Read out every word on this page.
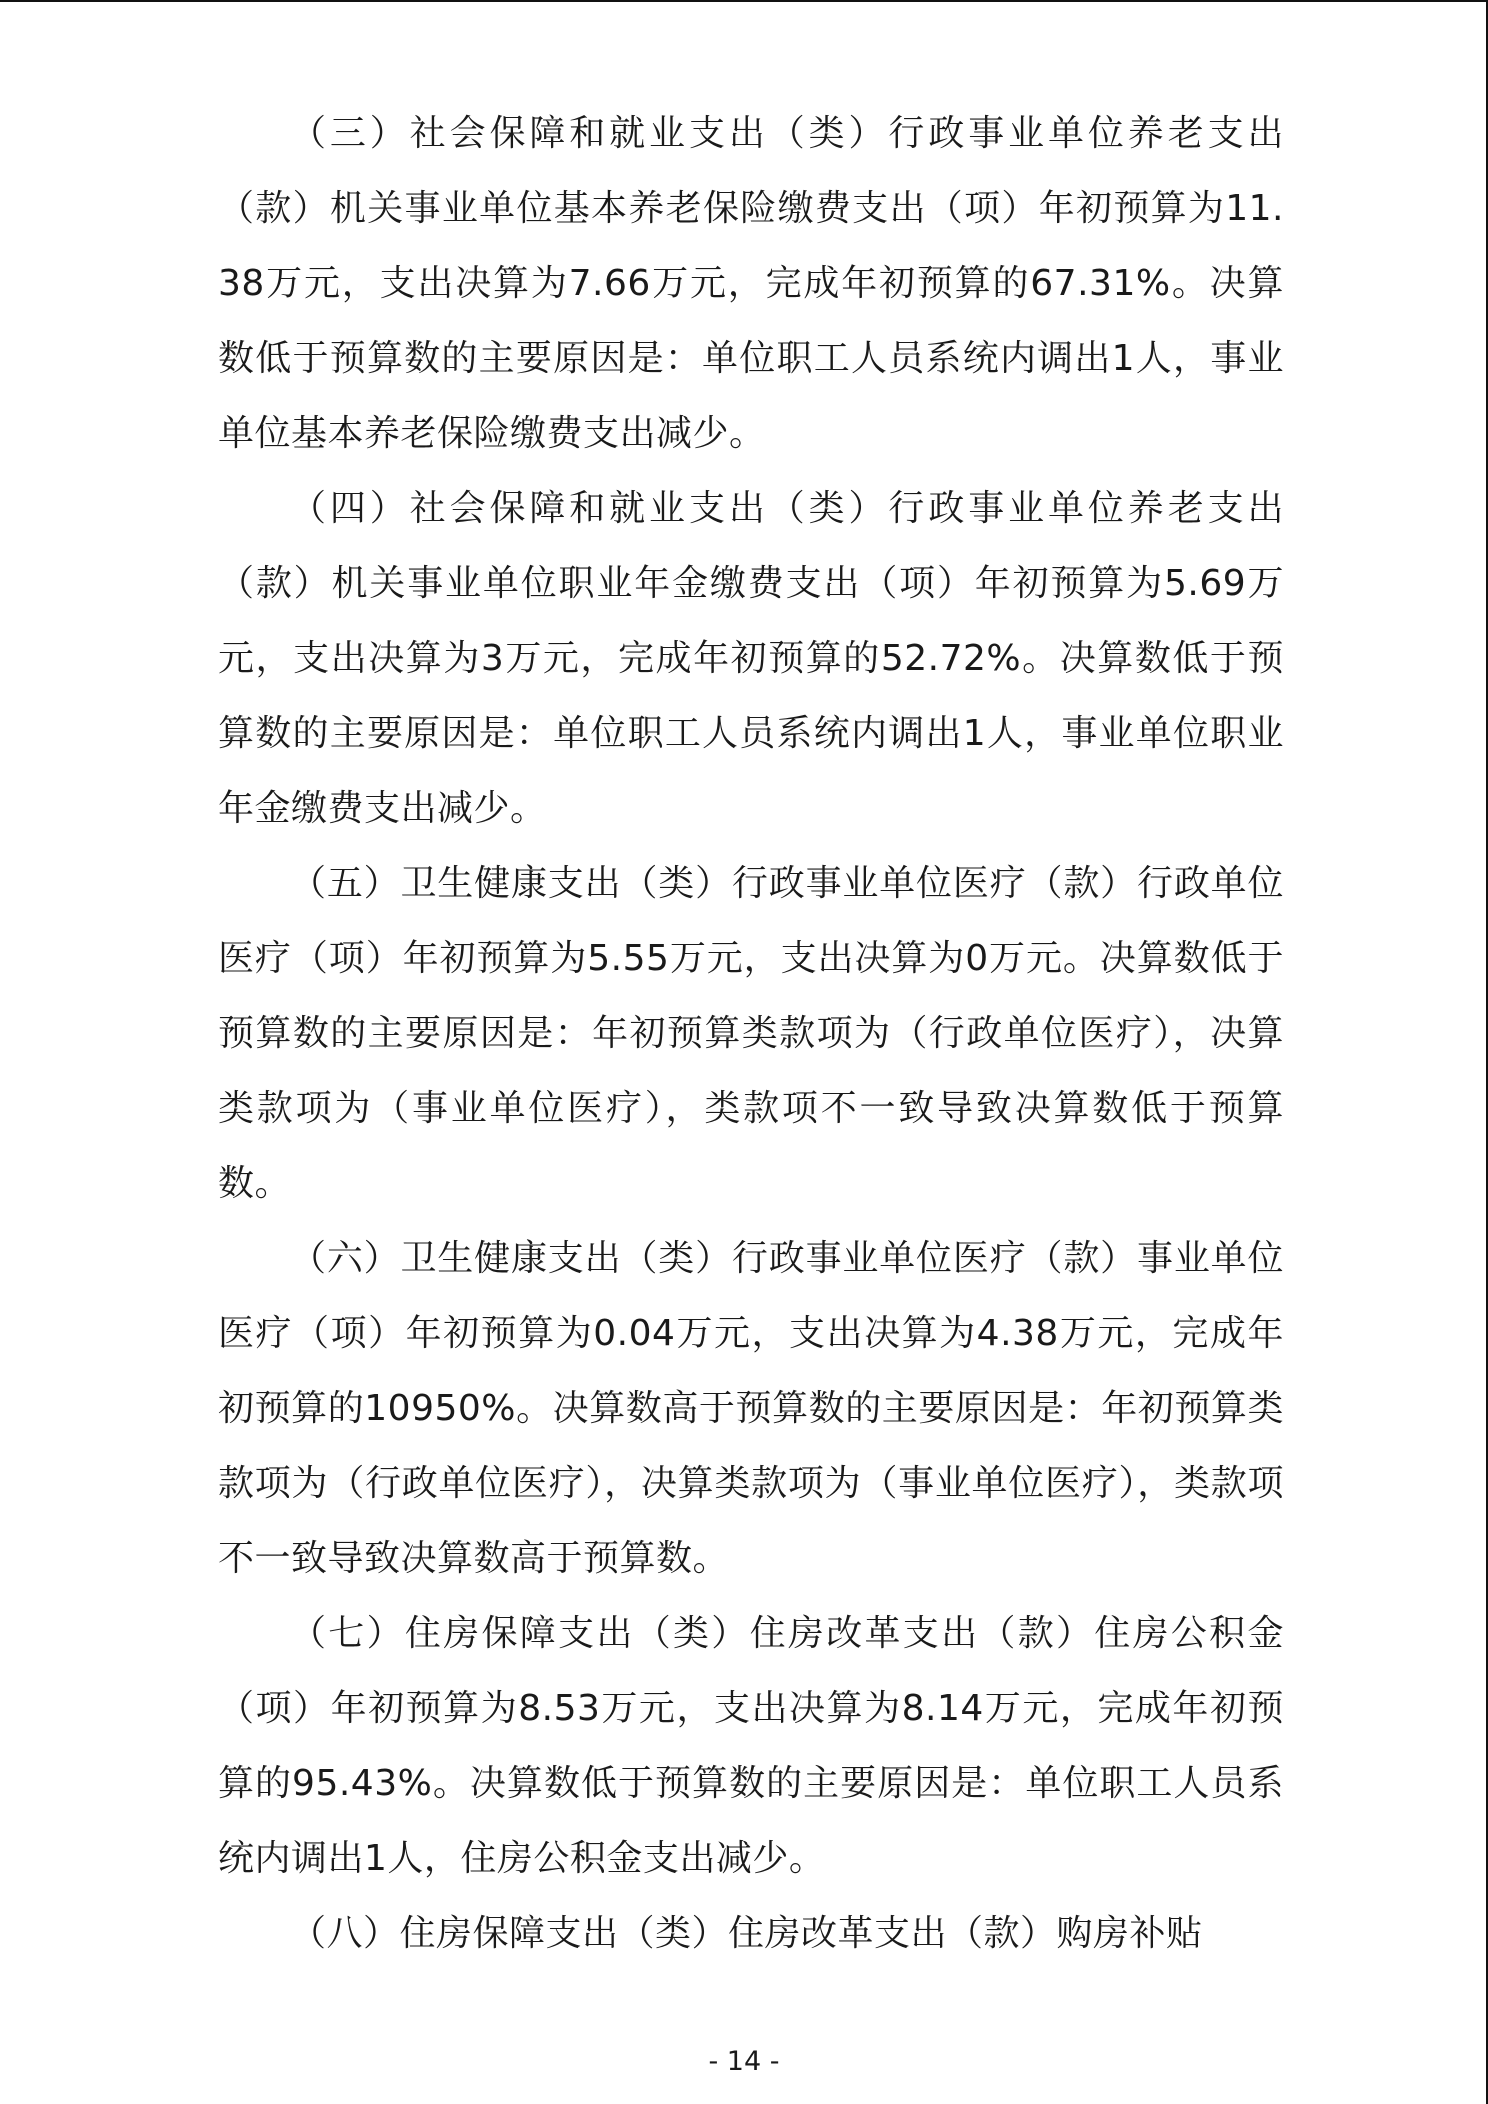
（三）社会保障和就业支出（类）行政事业单位养老支出（款）机关事业单位基本养老保险缴费支出（项）年初预算为11.38万元，支出决算为7.66万元，完成年初预算的67.31%。决算数低于预算数的主要原因是：单位职工人员系统内调出1人，事业单位基本养老保险缴费支出减少。

（四）社会保障和就业支出（类）行政事业单位养老支出（款）机关事业单位职业年金缴费支出（项）年初预算为5.69万元，支出决算为3万元，完成年初预算的52.72%。决算数低于预算数的主要原因是：单位职工人员系统内调出1人，事业单位职业年金缴费支出减少。

（五）卫生健康支出（类）行政事业单位医疗（款）行政单位医疗（项）年初预算为5.55万元，支出决算为0万元。决算数低于预算数的主要原因是：年初预算类款项为（行政单位医疗），决算类款项为（事业单位医疗），类款项不一致导致决算数低于预算数。

（六）卫生健康支出（类）行政事业单位医疗（款）事业单位医疗（项）年初预算为0.04万元，支出决算为4.38万元，完成年初预算的10950%。决算数高于预算数的主要原因是：年初预算类款项为（行政单位医疗），决算类款项为（事业单位医疗），类款项不一致导致决算数高于预算数。

（七）住房保障支出（类）住房改革支出（款）住房公积金（项）年初预算为8.53万元，支出决算为8.14万元，完成年初预算的95.43%。决算数低于预算数的主要原因是：单位职工人员系统内调出1人，住房公积金支出减少。

（八）住房保障支出（类）住房改革支出（款）购房补贴

- 14 -
